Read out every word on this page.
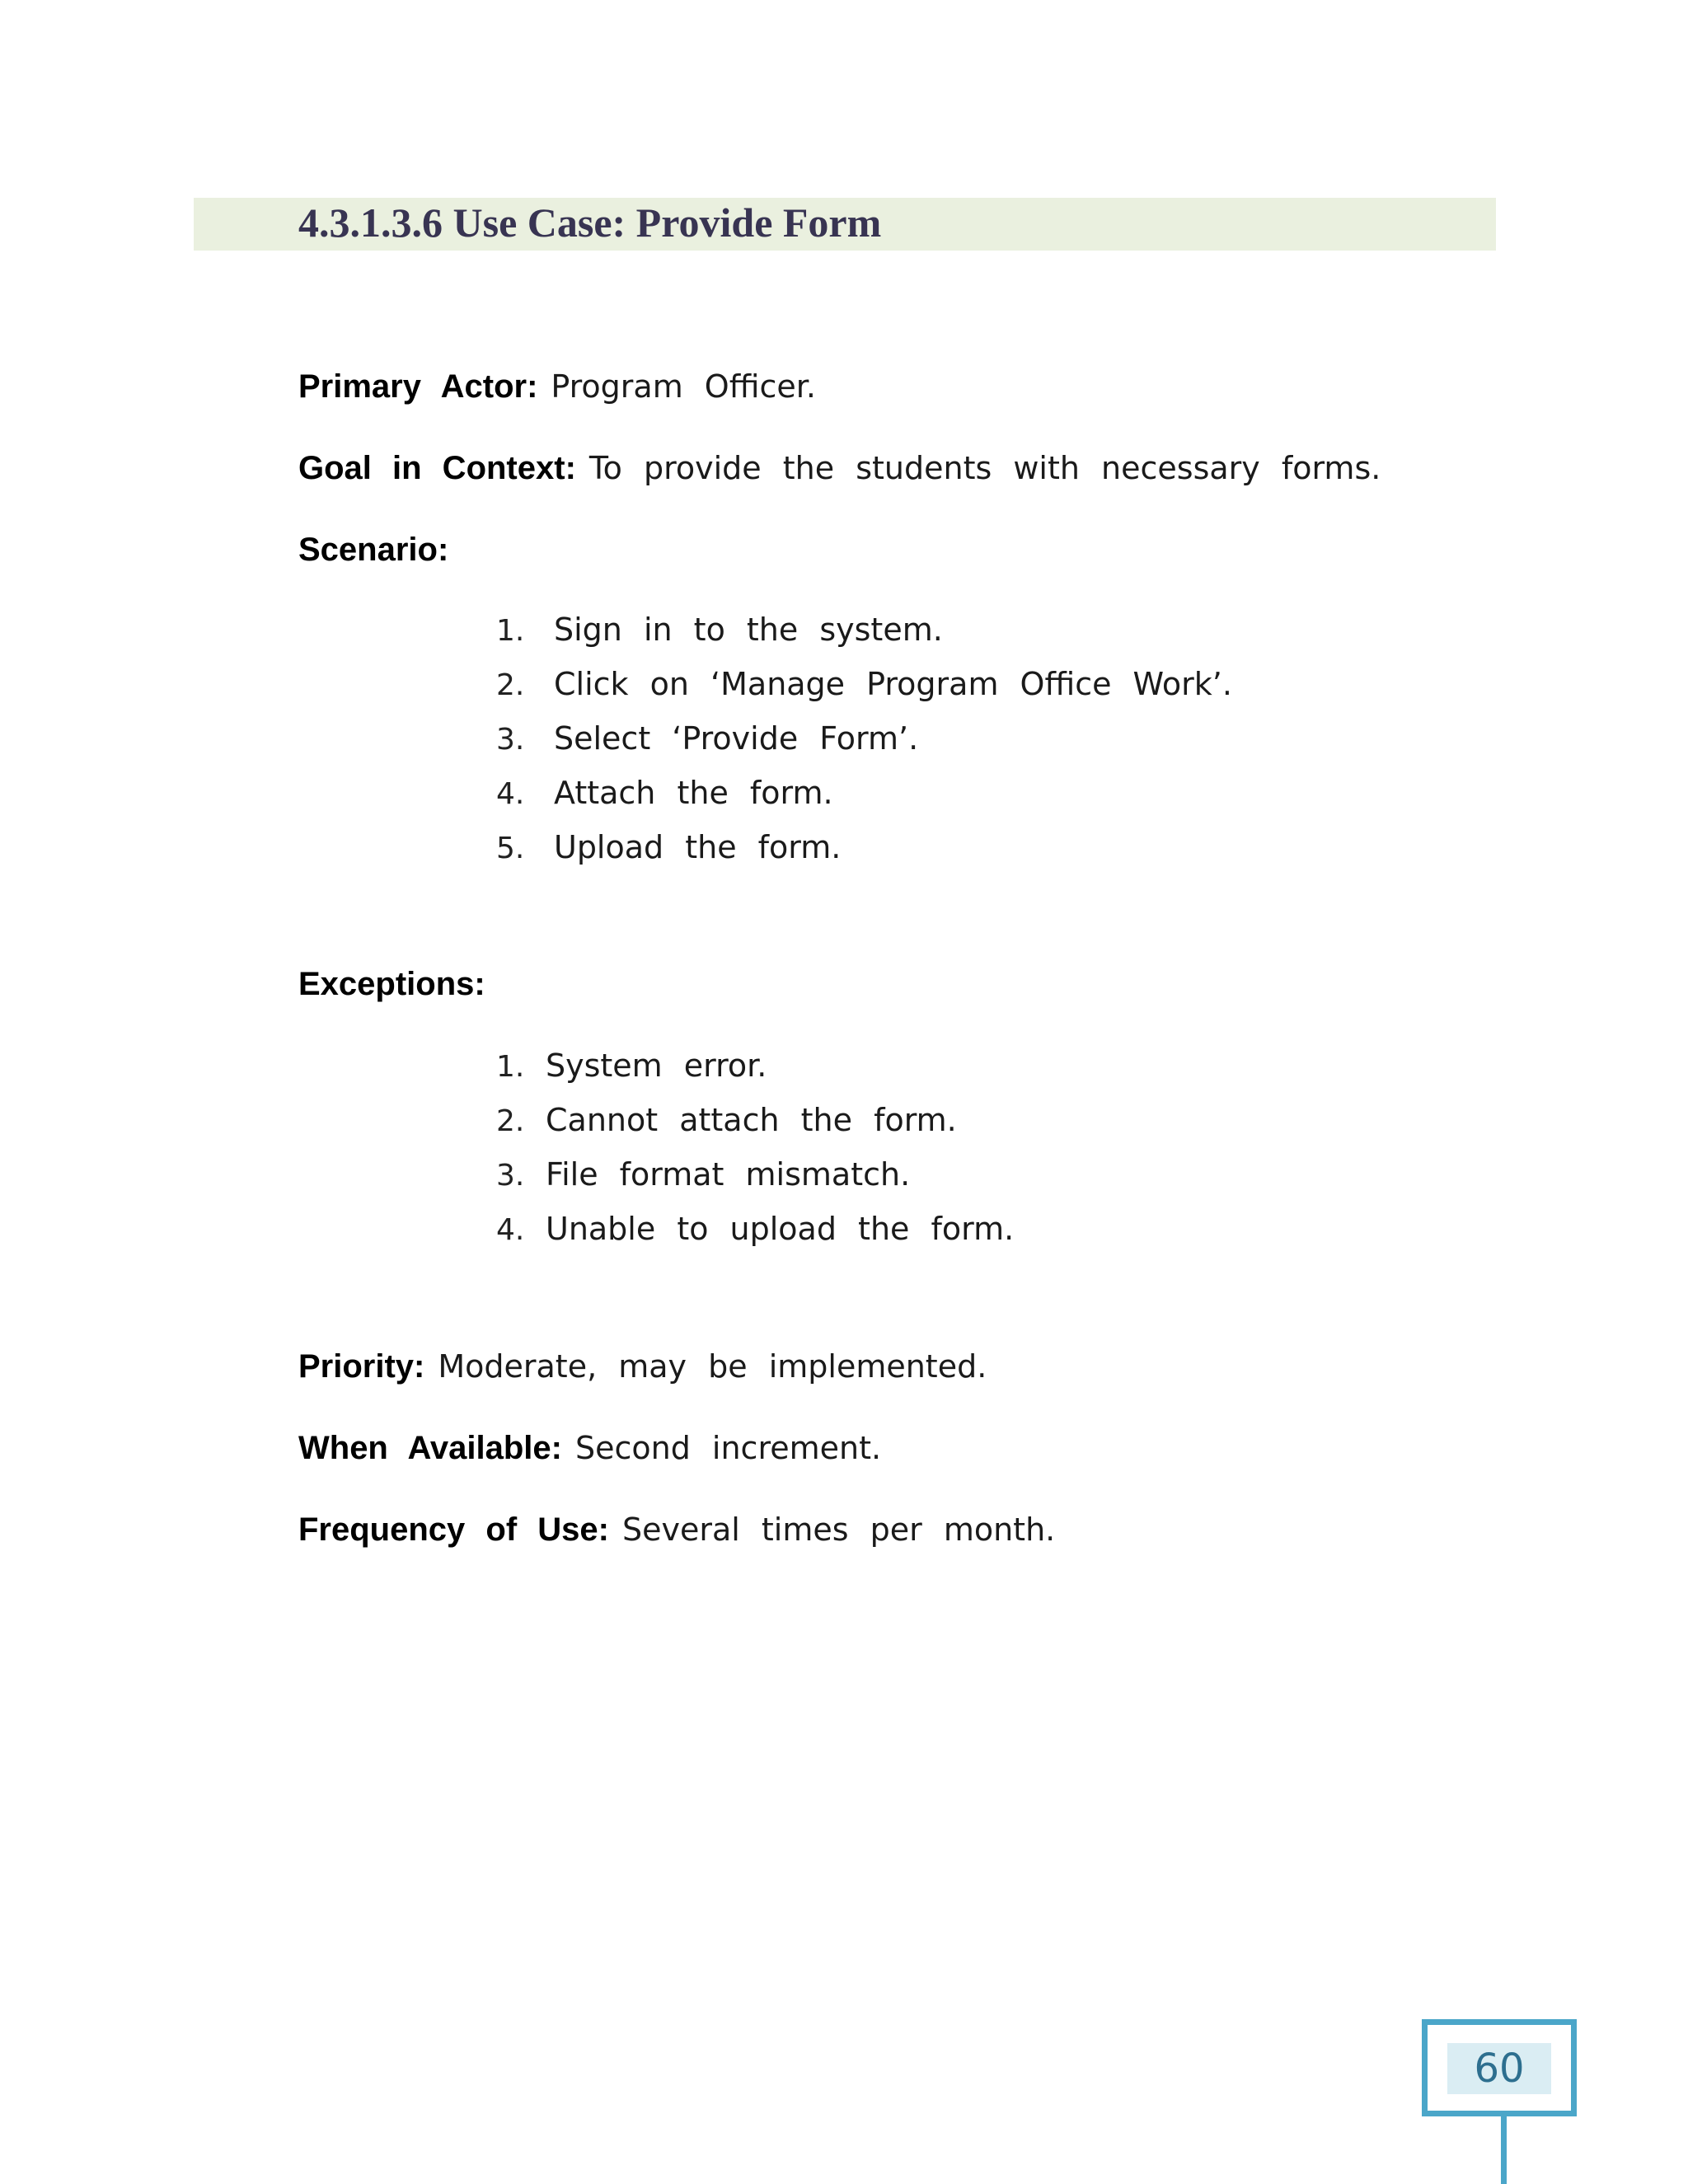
4.3.1.3.6 Use Case: Provide Form
Primary Actor: Program Officer.
Goal in Context: To provide the students with necessary forms.
Scenario:
1. Sign in to the system.
2. Click on ‘Manage Program Office Work’.
3. Select ‘Provide Form’.
4. Attach the form.
5. Upload the form.
Exceptions:
1. System error.
2. Cannot attach the form.
3. File format mismatch.
4. Unable to upload the form.
Priority: Moderate, may be implemented.
When Available: Second increment.
Frequency of Use: Several times per month.
60
